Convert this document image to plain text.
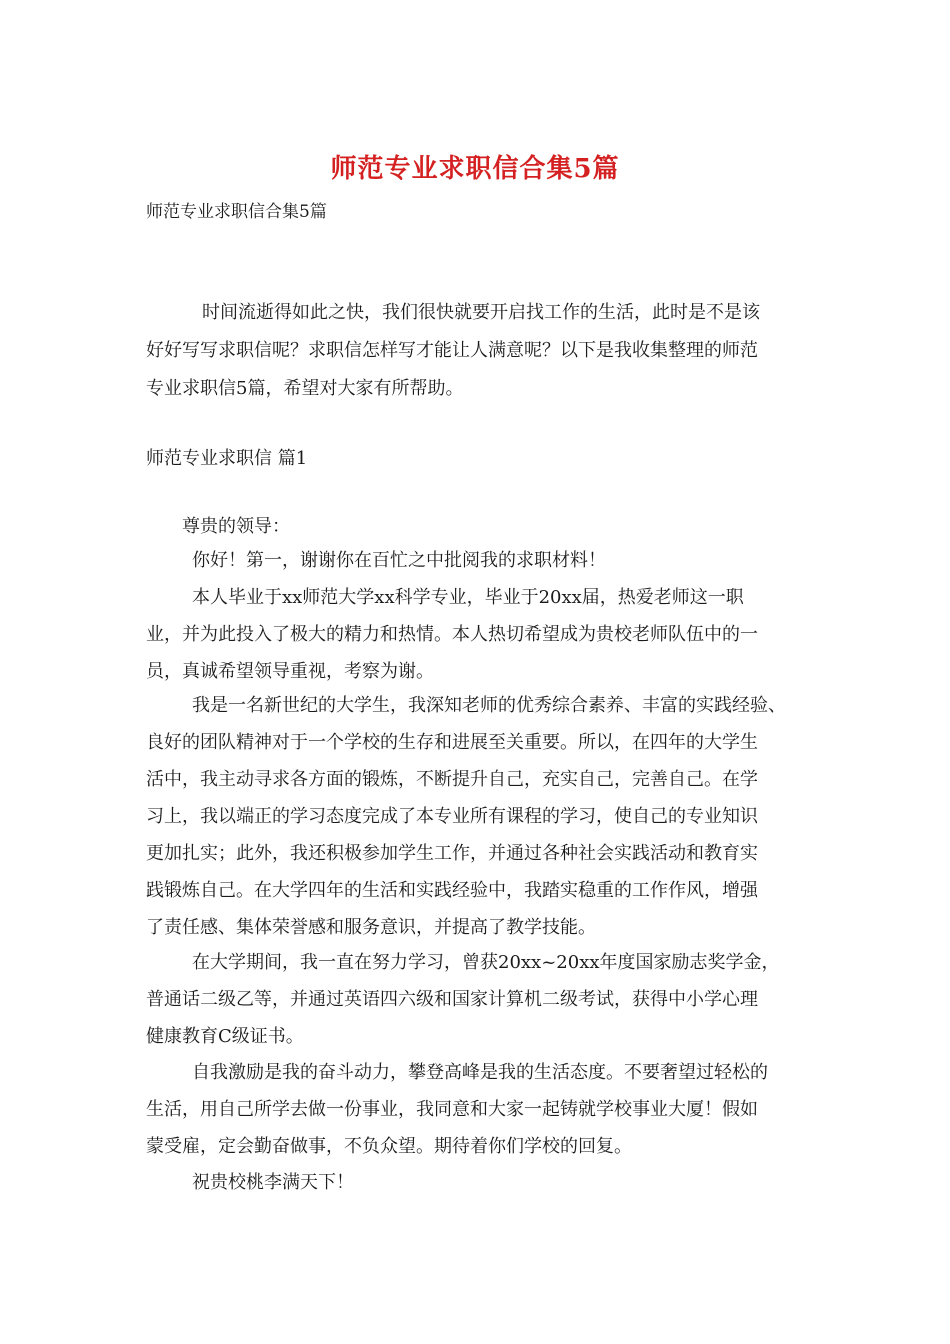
师范专业求职信合集5篇
师范专业求职信合集5篇
时间流逝得如此之快，我们很快就要开启找工作的生活，此时是不是该
好好写写求职信呢？求职信怎样写才能让人满意呢？以下是我收集整理的师范
专业求职信5篇，希望对大家有所帮助。
师范专业求职信 篇1
尊贵的领导：
你好！第一，谢谢你在百忙之中批阅我的求职材料！
本人毕业于xx师范大学xx科学专业，毕业于20xx届，热爱老师这一职
业，并为此投入了极大的精力和热情。本人热切希望成为贵校老师队伍中的一
员，真诚希望领导重视，考察为谢。
我是一名新世纪的大学生，我深知老师的优秀综合素养、丰富的实践经验、
良好的团队精神对于一个学校的生存和进展至关重要。所以，在四年的大学生
活中，我主动寻求各方面的锻炼，不断提升自己，充实自己，完善自己。在学
习上，我以端正的学习态度完成了本专业所有课程的学习，使自己的专业知识
更加扎实；此外，我还积极参加学生工作，并通过各种社会实践活动和教育实
践锻炼自己。在大学四年的生活和实践经验中，我踏实稳重的工作作风，增强
了责任感、集体荣誉感和服务意识，并提高了教学技能。
在大学期间，我一直在努力学习，曾获20xx~20xx年度国家励志奖学金，
普通话二级乙等，并通过英语四六级和国家计算机二级考试，获得中小学心理
健康教育C级证书。
自我激励是我的奋斗动力，攀登高峰是我的生活态度。不要奢望过轻松的
生活，用自己所学去做一份事业，我同意和大家一起铸就学校事业大厦！假如
蒙受雇，定会勤奋做事，不负众望。期待着你们学校的回复。
祝贵校桃李满天下！
